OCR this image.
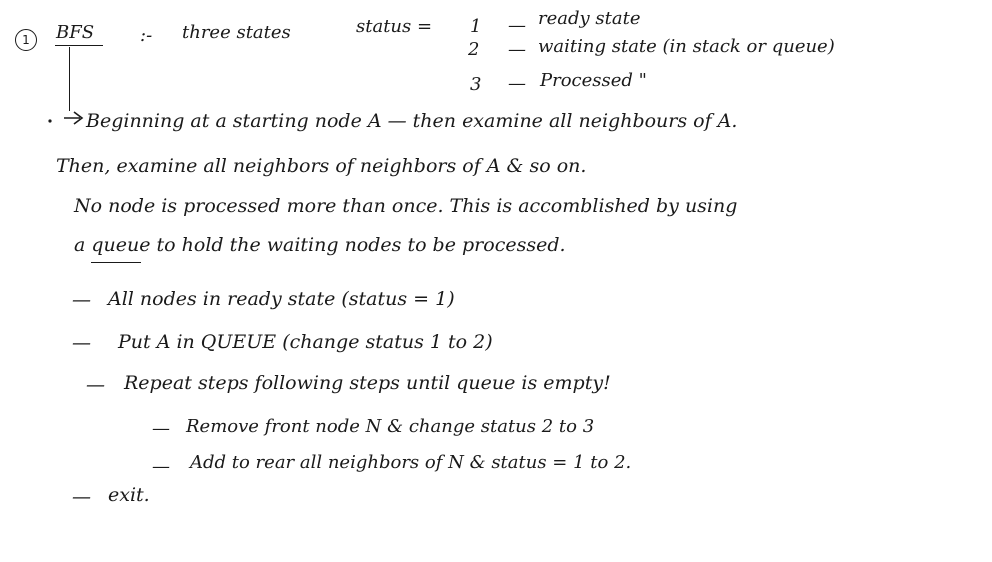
1	BFS	:- three states	status = 1 — ready state
2 — waiting state (in stack or queue)
3 — Processed "
Beginning at a starting node A — then examine all neighbours of A.
Then, examine all neighbors of neighbors of A & so on.
No node is processed more than once. This is accomblished by using
a queue to hold the waiting nodes to be processed.
— All nodes in ready state (status = 1)
— Put A in QUEUE (change status 1 to 2)
— Repeat steps following steps until queue is empty!
— Remove front node N & change status 2 to 3
— Add to rear all neighbors of N & status = 1 to 2.
— exit.
